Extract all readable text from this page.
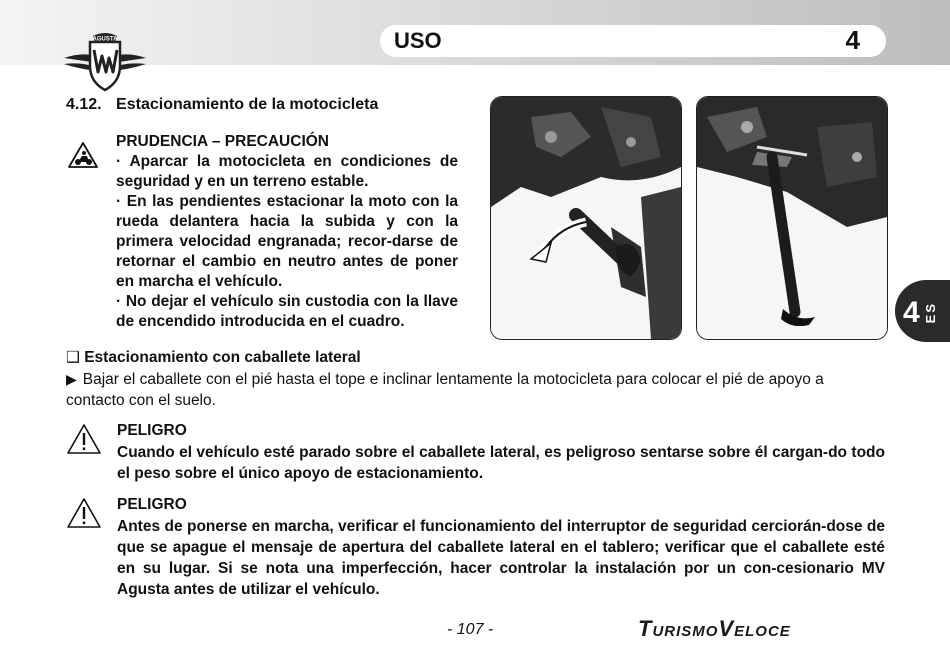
AGUSTA	USO	4
4.12. Estacionamiento de la motocicleta

PRUDENCIA – PRECAUCIÓN

· Aparcar la motocicleta en condiciones de seguridad y en un terreno estable.

· En las pendientes estacionar la moto con la rueda delantera hacia la subida y con la primera velocidad engranada; recor-darse de retornar el cambio en neutro antes de poner en marcha el vehículo.

· No dejar el vehículo sin custodia con la llave de encendido introducida en el cuadro.	4 ES
❑ Estacionamiento con caballete lateral
▶ Bajar el caballete con el pié hasta el tope e inclinar lentamente la motocicleta para colocar el pié de apoyo a contacto con el suelo.
PELIGRO
Cuando el vehículo esté parado sobre el caballete lateral, es peligroso sentarse sobre él cargan-do todo el peso sobre el único apoyo de estacionamiento.
PELIGRO
Antes de ponerse en marcha, verificar el funcionamiento del interruptor de seguridad cerciorán-dose de que se apague el mensaje de apertura del caballete lateral en el tablero; verificar que el caballete esté en su lugar. Si se nota una imperfección, hacer controlar la instalación por un con-cesionario MV Agusta antes de utilizar el vehículo.
- 107 -	TurismoVeloce
